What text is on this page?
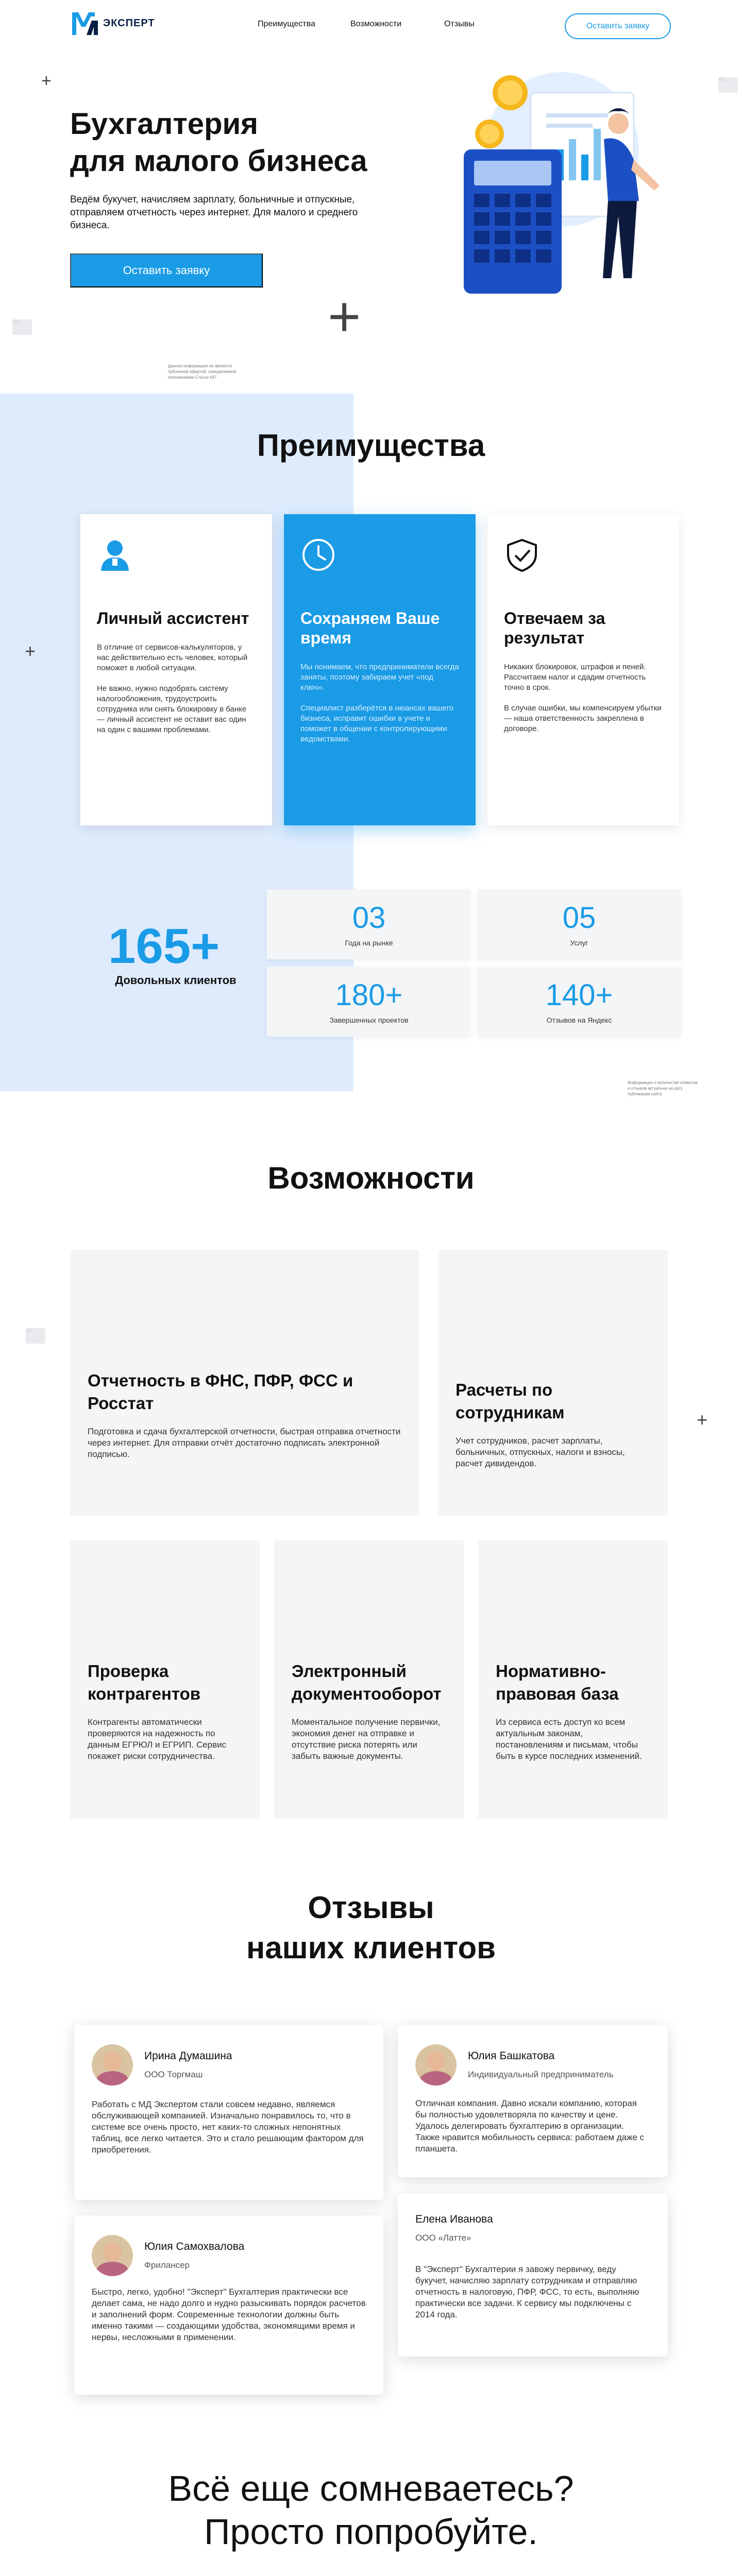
ЭКСПЕРТ	Преимущества	Возможности	Отзывы	Оставить заявку
+
+
Бухгалтерия
для малого бизнеса

Ведём букучет, начисляем зарплату, больничные и отпускные, отправляем отчетность через интернет. Для малого и среднего бизнеса.

Оставить заявку

Данная информация не является публичной офертой, определяемой положениями Статьи 437

+
Преимущества
Личный ассистент

В отличие от сервисов-калькуляторов, у нас действительно есть человек, который поможет в любой ситуации.

Не важно, нужно подобрать систему налогообложения, трудоустроить сотрудника или снять блокировку в банке — личный ассистент не оставит вас один на один с вашими проблемами.

Сохраняем Ваше время

Мы понимаем, что предприниматели всегда заняты, поэтому забираем учет «под ключ».

Специалист разберётся в нюансах вашего бизнеса, исправит ошибки в учете и поможет в общении с контролирующими ведомствами.

Отвечаем за результат

Никаких блокировок, штрафов и пеней. Рассчитаем налог и сдадим отчетность точно в срок.

В случае ошибки, мы компенсируем убытки — наша ответственность закреплена в договоре.

165+
Довольных клиентов
03
Года на рынке
05
Услуг
180+
Завершенных проектов
140+
Отзывов на Яндекс

Информация о количестве клиентов и отзывов актуальна на дату публикации сайта

Возможности
+
Отчетность в ФНС, ПФР, ФСС и Росстат
Подготовка и сдача бухгалтерской отчетности, быстрая отправка отчетности через интернет. Для отправки отчёт достаточно подписать электронной подписью.
Расчеты по сотрудникам
Учет сотрудников, расчет зарплаты, больничных, отпускных, налоги и взносы, расчет дивидендов.
Проверка контрагентов
Контрагенты автоматически проверяются на надежность по данным ЕГРЮЛ и ЕГРИП. Сервис покажет риски сотрудничества.
Электронный документооборот
Моментальное получение первички, экономия денег на отправке и отсутствие риска потерять или забыть важные документы.
Нормативно-правовая база
Из сервиса есть доступ ко всем актуальным законам, постановлениям и письмам, чтобы быть в курсе последних изменений.
Отзывы
наших клиентов
Ирина Думашина
ООО Торгмаш
Работать с МД Экспертом стали совсем недавно, являемся обслуживающей компанией. Изначально понравилось то, что в системе все очень просто, нет каких-то сложных непонятных таблиц, все легко читается. Это и стало решающим фактором для приобретения.
Юлия Башкатова
Индивидуальный предприниматель
Отличная компания. Давно искали компанию, которая бы полностью удовлетворяла по качеству и цене. Удалось делегировать бухгалтерию в организации. Также нравится мобильность сервиса: работаем даже с планшета.
Юлия Самохвалова
Фрилансер
Быстро, легко, удобно! "Эксперт" Бухгалтерия практически все делает сама, не надо долго и нудно разыскивать порядок расчетов и заполнений форм. Современные технологии должны быть именно такими — создающими удобства, экономящими время и нервы, несложными в применении.
Елена Иванова
ООО «Латте»
В "Эксперт" Бухгалтерии я завожу первичку, веду букучет, начисляю зарплату сотрудникам и отправляю отчетность в налоговую, ПФР, ФСС, то есть, выполняю практически все задачи. К сервису мы подключены с 2014 года.
Всё еще сомневаетесь?
Просто попробуйте.
